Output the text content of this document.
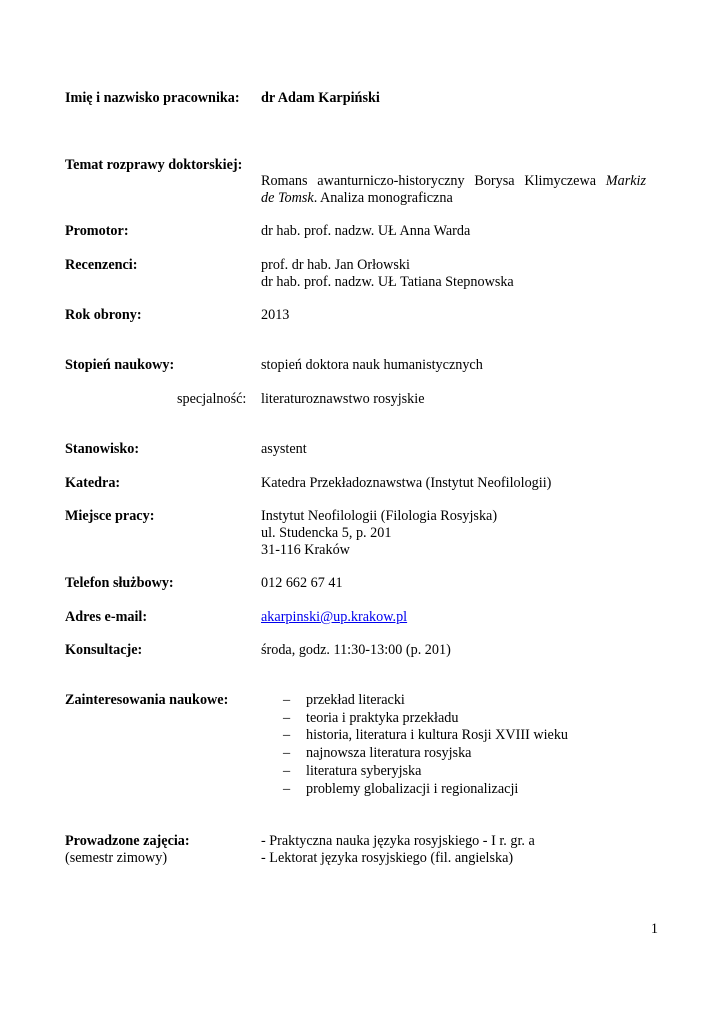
Imię i nazwisko pracownika: dr Adam Karpiński
Temat rozprawy doktorskiej:
Romans awanturniczo-historyczny Borysa Klimyczewa Markiz
de Tomsk. Analiza monograficzna
Promotor:	dr hab. prof. nadzw. UŁ Anna Warda
Recenzenci:	prof. dr hab. Jan Orłowski
dr hab. prof. nadzw. UŁ Tatiana Stepnowska
Rok obrony:	2013
Stopień naukowy:	stopień doktora nauk humanistycznych
specjalność: literaturoznawstwo rosyjskie
Stanowisko:	asystent
Katedra:	Katedra Przekładoznawstwa (Instytut Neofilologii)
Miejsce pracy:	Instytut Neofilologii (Filologia Rosyjska)
ul. Studencka 5, p. 201
31-116 Kraków
Telefon służbowy:	012 662 67 41
Adres e-mail:	akarpinski@up.krakow.pl
Konsultacje:	środa, godz. 11:30-13:00 (p. 201)
Zainteresowania naukowe:	– przekład literacki
– teoria i praktyka przekładu
– historia, literatura i kultura Rosji XVIII wieku
– najnowsza literatura rosyjska
– literatura syberyjska
– problemy globalizacji i regionalizacji
Prowadzone zajęcia:
(semestr zimowy)
- Praktyczna nauka języka rosyjskiego - I r. gr. a
- Lektorat języka rosyjskiego (fil. angielska)
1
